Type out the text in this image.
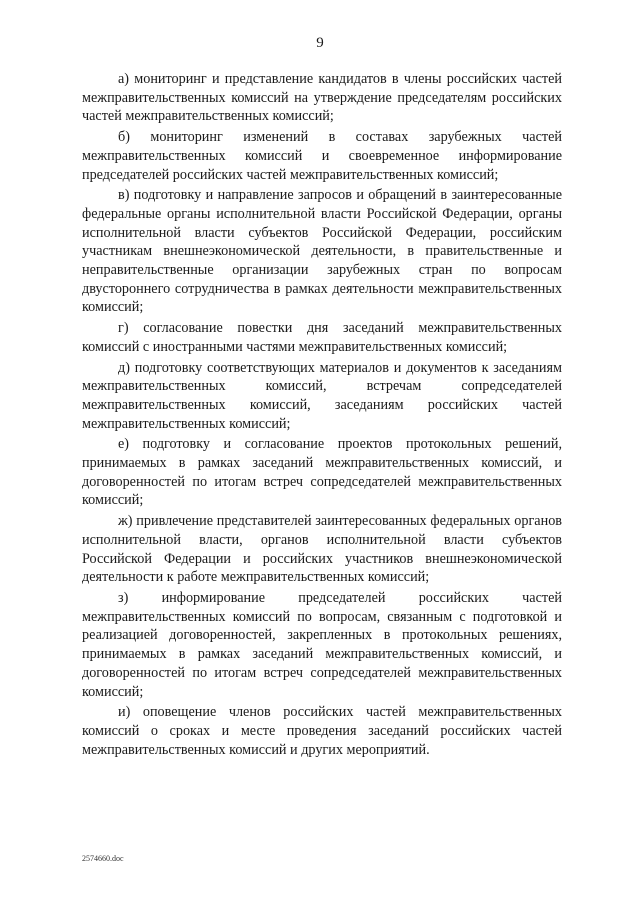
9

а) мониторинг и представление кандидатов в члены российских частей межправительственных комиссий на утверждение председателям российских частей межправительственных комиссий;

б) мониторинг изменений в составах зарубежных частей межправительственных комиссий и своевременное информирование председателей российских частей межправительственных комиссий;

в) подготовку и направление запросов и обращений в заинтересованные федеральные органы исполнительной власти Российской Федерации, органы исполнительной власти субъектов Российской Федерации, российским участникам внешнеэкономической деятельности, в правительственные и неправительственные организации зарубежных стран по вопросам двустороннего сотрудничества в рамках деятельности межправительственных комиссий;

г) согласование повестки дня заседаний межправительственных комиссий с иностранными частями межправительственных комиссий;

д) подготовку соответствующих материалов и документов к заседаниям межправительственных комиссий, встречам сопредседателей межправительственных комиссий, заседаниям российских частей межправительственных комиссий;

е) подготовку и согласование проектов протокольных решений, принимаемых в рамках заседаний межправительственных комиссий, и договоренностей по итогам встреч сопредседателей межправительственных комиссий;

ж) привлечение представителей заинтересованных федеральных органов исполнительной власти, органов исполнительной власти субъектов Российской Федерации и российских участников внешнеэкономической деятельности к работе межправительственных комиссий;

з) информирование председателей российских частей межправительственных комиссий по вопросам, связанным с подготовкой и реализацией договоренностей, закрепленных в протокольных решениях, принимаемых в рамках заседаний межправительственных комиссий, и договоренностей по итогам встреч сопредседателей межправительственных комиссий;

и) оповещение членов российских частей межправительственных комиссий о сроках и месте проведения заседаний российских частей межправительственных комиссий и других мероприятий.

2574660.doc
